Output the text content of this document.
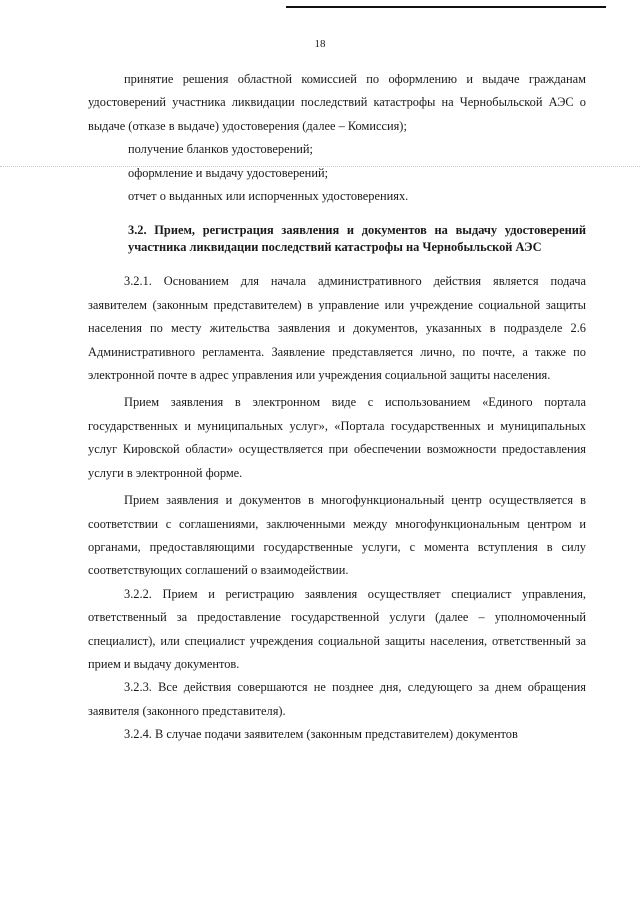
18

принятие решения областной комиссией по оформлению и выдаче гражданам удостоверений участника ликвидации последствий катастрофы на Чернобыльской АЭС о выдаче (отказе в выдаче) удостоверения (далее – Комиссия);

получение бланков удостоверений;

оформление и выдачу удостоверений;

отчет о выданных или испорченных удостоверениях.

3.2. Прием, регистрация заявления и документов на выдачу удостоверений участника ликвидации последствий катастрофы на Чернобыльской АЭС

3.2.1. Основанием для начала административного действия является подача заявителем (законным представителем) в управление или учреждение социальной защиты населения по месту жительства заявления и документов, указанных в подразделе 2.6 Административного регламента. Заявление представляется лично, по почте, а также по электронной почте в адрес управления или учреждения социальной защиты населения.

Прием заявления в электронном виде с использованием «Единого портала государственных и муниципальных услуг», «Портала государственных и муниципальных услуг Кировской области» осуществляется при обеспечении возможности предоставления услуги в электронной форме.

Прием заявления и документов в многофункциональный центр осуществляется в соответствии с соглашениями, заключенными между многофункциональным центром и органами, предоставляющими государственные услуги, с момента вступления в силу соответствующих соглашений о взаимодействии.

3.2.2. Прием и регистрацию заявления осуществляет специалист управления, ответственный за предоставление государственной услуги (далее – уполномоченный специалист), или специалист учреждения социальной защиты населения, ответственный за прием и выдачу документов.

3.2.3. Все действия совершаются не позднее дня, следующего за днем обращения заявителя (законного представителя).

3.2.4. В случае подачи заявителем (законным представителем) документов
